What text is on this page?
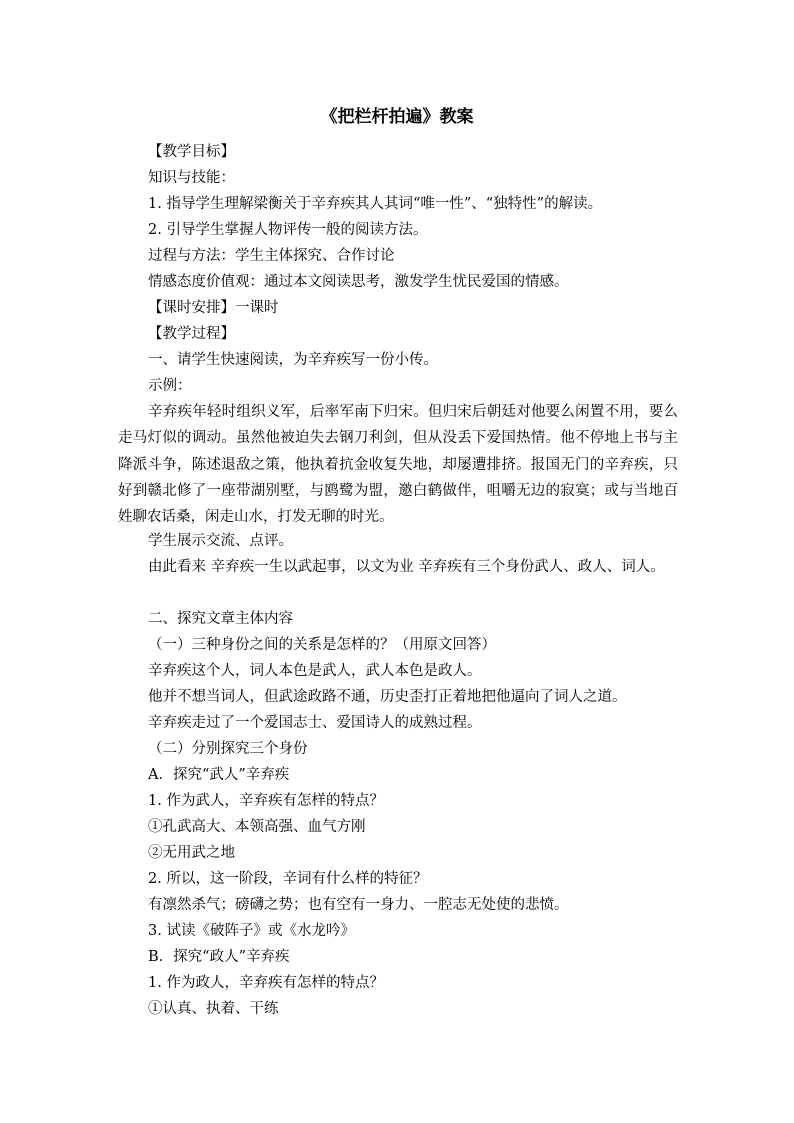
《把栏杆拍遍》教案
【教学目标】
知识与技能：
1. 指导学生理解梁衡关于辛弃疾其人其词“唯一性”、“独特性”的解读。
2. 引导学生掌握人物评传一般的阅读方法。
过程与方法：学生主体探究、合作讨论
情感态度价值观：通过本文阅读思考，激发学生忧民爱国的情感。
【课时安排】一课时
【教学过程】
一、请学生快速阅读，为辛弃疾写一份小传。
示例：
辛弃疾年轻时组织义军，后率军南下归宋。但归宋后朝廷对他要么闲置不用，要么走马灯似的调动。虽然他被迫失去钢刀利剑，但从没丢下爱国热情。他不停地上书与主降派斗争，陈述退敌之策，他执着抗金收复失地，却屡遭排挤。报国无门的辛弃疾，只好到赣北修了一座带湖别墅，与鸥鹭为盟，邀白鹤做伴，咀嚼无边的寂寞；或与当地百姓聊农话桑，闲走山水，打发无聊的时光。
学生展示交流、点评。
由此看来 辛弃疾一生以武起事，以文为业 辛弃疾有三个身份武人、政人、词人。
二、探究文章主体内容
（一）三种身份之间的关系是怎样的？（用原文回答）
辛弃疾这个人，词人本色是武人，武人本色是政人。
他并不想当词人，但武途政路不通，历史歪打正着地把他逼向了词人之道。
辛弃疾走过了一个爱国志士、爱国诗人的成熟过程。
（二）分别探究三个身份
A．探究“武人”辛弃疾
1. 作为武人，辛弃疾有怎样的特点？
①孔武高大、本领高强、血气方刚
②无用武之地
2. 所以，这一阶段，辛词有什么样的特征？
有凛然杀气；磅礴之势；也有空有一身力、一腔志无处使的悲愤。
3. 试读《破阵子》或《水龙吟》
B．探究“政人”辛弃疾
1. 作为政人，辛弃疾有怎样的特点？
①认真、执着、干练
